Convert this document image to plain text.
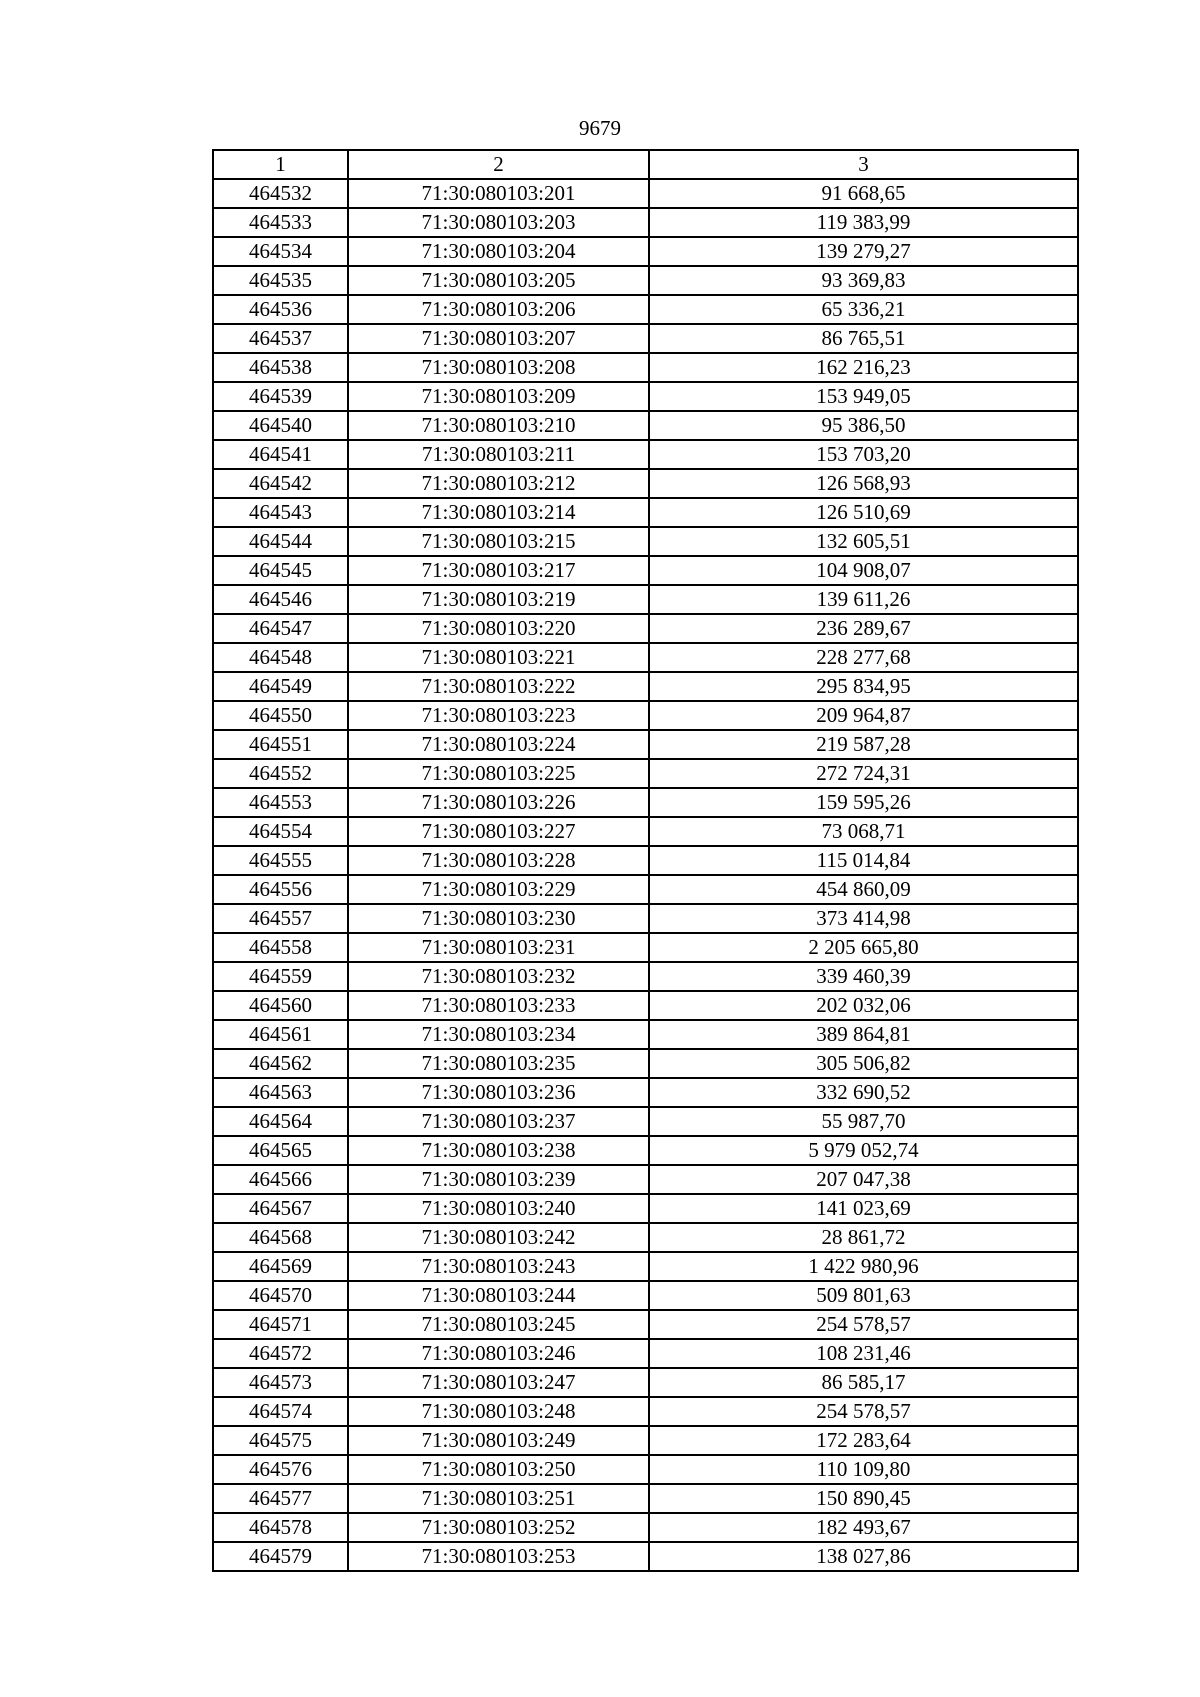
9679
1	2	3
464532	71:30:080103:201	91 668,65
464533	71:30:080103:203	119 383,99
464534	71:30:080103:204	139 279,27
464535	71:30:080103:205	93 369,83
464536	71:30:080103:206	65 336,21
464537	71:30:080103:207	86 765,51
464538	71:30:080103:208	162 216,23
464539	71:30:080103:209	153 949,05
464540	71:30:080103:210	95 386,50
464541	71:30:080103:211	153 703,20
464542	71:30:080103:212	126 568,93
464543	71:30:080103:214	126 510,69
464544	71:30:080103:215	132 605,51
464545	71:30:080103:217	104 908,07
464546	71:30:080103:219	139 611,26
464547	71:30:080103:220	236 289,67
464548	71:30:080103:221	228 277,68
464549	71:30:080103:222	295 834,95
464550	71:30:080103:223	209 964,87
464551	71:30:080103:224	219 587,28
464552	71:30:080103:225	272 724,31
464553	71:30:080103:226	159 595,26
464554	71:30:080103:227	73 068,71
464555	71:30:080103:228	115 014,84
464556	71:30:080103:229	454 860,09
464557	71:30:080103:230	373 414,98
464558	71:30:080103:231	2 205 665,80
464559	71:30:080103:232	339 460,39
464560	71:30:080103:233	202 032,06
464561	71:30:080103:234	389 864,81
464562	71:30:080103:235	305 506,82
464563	71:30:080103:236	332 690,52
464564	71:30:080103:237	55 987,70
464565	71:30:080103:238	5 979 052,74
464566	71:30:080103:239	207 047,38
464567	71:30:080103:240	141 023,69
464568	71:30:080103:242	28 861,72
464569	71:30:080103:243	1 422 980,96
464570	71:30:080103:244	509 801,63
464571	71:30:080103:245	254 578,57
464572	71:30:080103:246	108 231,46
464573	71:30:080103:247	86 585,17
464574	71:30:080103:248	254 578,57
464575	71:30:080103:249	172 283,64
464576	71:30:080103:250	110 109,80
464577	71:30:080103:251	150 890,45
464578	71:30:080103:252	182 493,67
464579	71:30:080103:253	138 027,86
